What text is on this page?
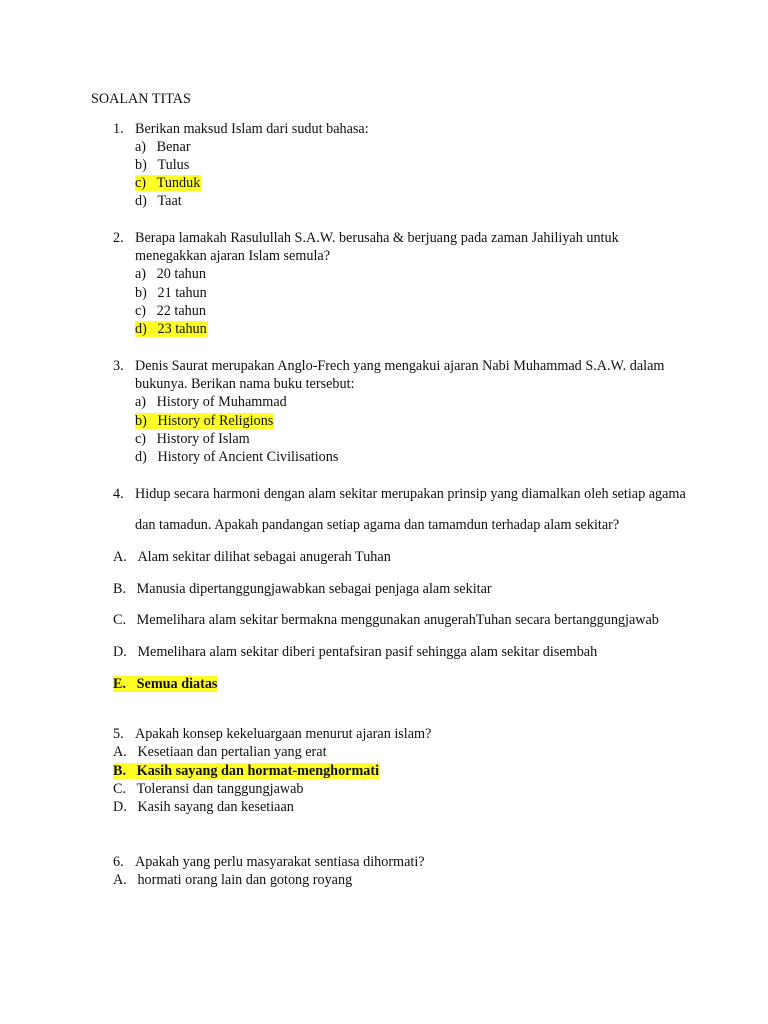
SOALAN TITAS
1. Berikan maksud Islam dari sudut bahasa:
a) Benar
b) Tulus
c) Tunduk
d) Taat
2. Berapa lamakah Rasulullah S.A.W. berusaha & berjuang pada zaman Jahiliyah untuk
menegakkan ajaran Islam semula?
a) 20 tahun
b) 21 tahun
c) 22 tahun
d) 23 tahun
3. Denis Saurat merupakan Anglo-Frech yang mengakui ajaran Nabi Muhammad S.A.W. dalam
bukunya. Berikan nama buku tersebut:
a) History of Muhammad
b) History of Religions
c) History of Islam
d) History of Ancient Civilisations
4. Hidup secara harmoni dengan alam sekitar merupakan prinsip yang diamalkan oleh setiap agama
dan tamadun. Apakah pandangan setiap agama dan tamamdun terhadap alam sekitar?
A. Alam sekitar dilihat sebagai anugerah Tuhan
B. Manusia dipertanggungjawabkan sebagai penjaga alam sekitar
C. Memelihara alam sekitar bermakna menggunakan anugerahTuhan secara bertanggungjawab
D. Memelihara alam sekitar diberi pentafsiran pasif sehingga alam sekitar disembah
E. Semua diatas
5. Apakah konsep kekeluargaan menurut ajaran islam?
A. Kesetiaan dan pertalian yang erat
B. Kasih sayang dan hormat-menghormati
C. Toleransi dan tanggungjawab
D. Kasih sayang dan kesetiaan
6. Apakah yang perlu masyarakat sentiasa dihormati?
A. hormati orang lain dan gotong royang
